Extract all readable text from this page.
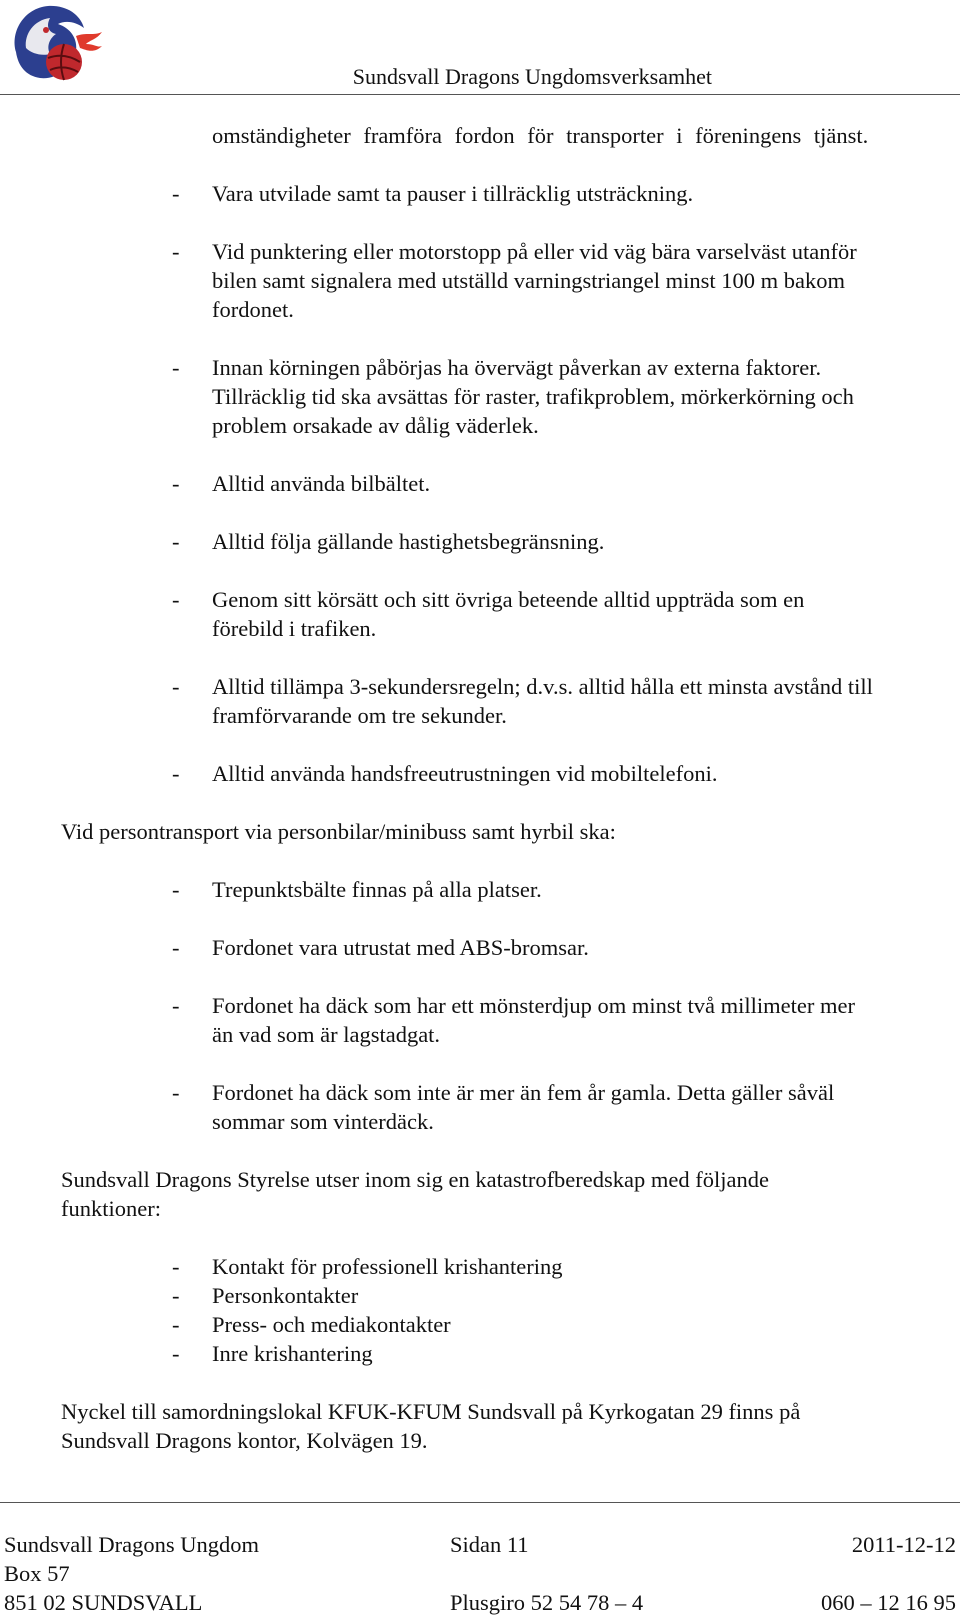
Sundsvall Dragons Ungdomsverksamhet
omständigheter framföra fordon för transporter i föreningens tjänst.
- Vara utvilade samt ta pauser i tillräcklig utsträckning.
- Vid punktering eller motorstopp på eller vid väg bära varselväst utanför
bilen samt signalera med utställd varningstriangel minst 100 m bakom
fordonet.
- Innan körningen påbörjas ha övervägt påverkan av externa faktorer.
Tillräcklig tid ska avsättas för raster, trafikproblem, mörkerkörning och
problem orsakade av dålig väderlek.
- Alltid använda bilbältet.
- Alltid följa gällande hastighetsbegränsning.
- Genom sitt körsätt och sitt övriga beteende alltid uppträda som en
förebild i trafiken.
- Alltid tillämpa 3-sekundersregeln; d.v.s. alltid hålla ett minsta avstånd till
framförvarande om tre sekunder.
- Alltid använda handsfreeutrustningen vid mobiltelefoni.
Vid persontransport via personbilar/minibuss samt hyrbil ska:
- Trepunktsbälte finnas på alla platser.
- Fordonet vara utrustat med ABS-bromsar.
- Fordonet ha däck som har ett mönsterdjup om minst två millimeter mer
än vad som är lagstadgat.
- Fordonet ha däck som inte är mer än fem år gamla. Detta gäller såväl
sommar som vinterdäck.
Sundsvall Dragons Styrelse utser inom sig en katastrofberedskap med följande
funktioner:
- Kontakt för professionell krishantering
- Personkontakter
- Press- och mediakontakter
- Inre krishantering
Nyckel till samordningslokal KFUK-KFUM Sundsvall på Kyrkogatan 29 finns på
Sundsvall Dragons kontor, Kolvägen 19.
Sundsvall Dragons Ungdom	Sidan 11	2011-12-12
Box 57
851 02 SUNDSVALL	Plusgiro 52 54 78 – 4	060 – 12 16 95
